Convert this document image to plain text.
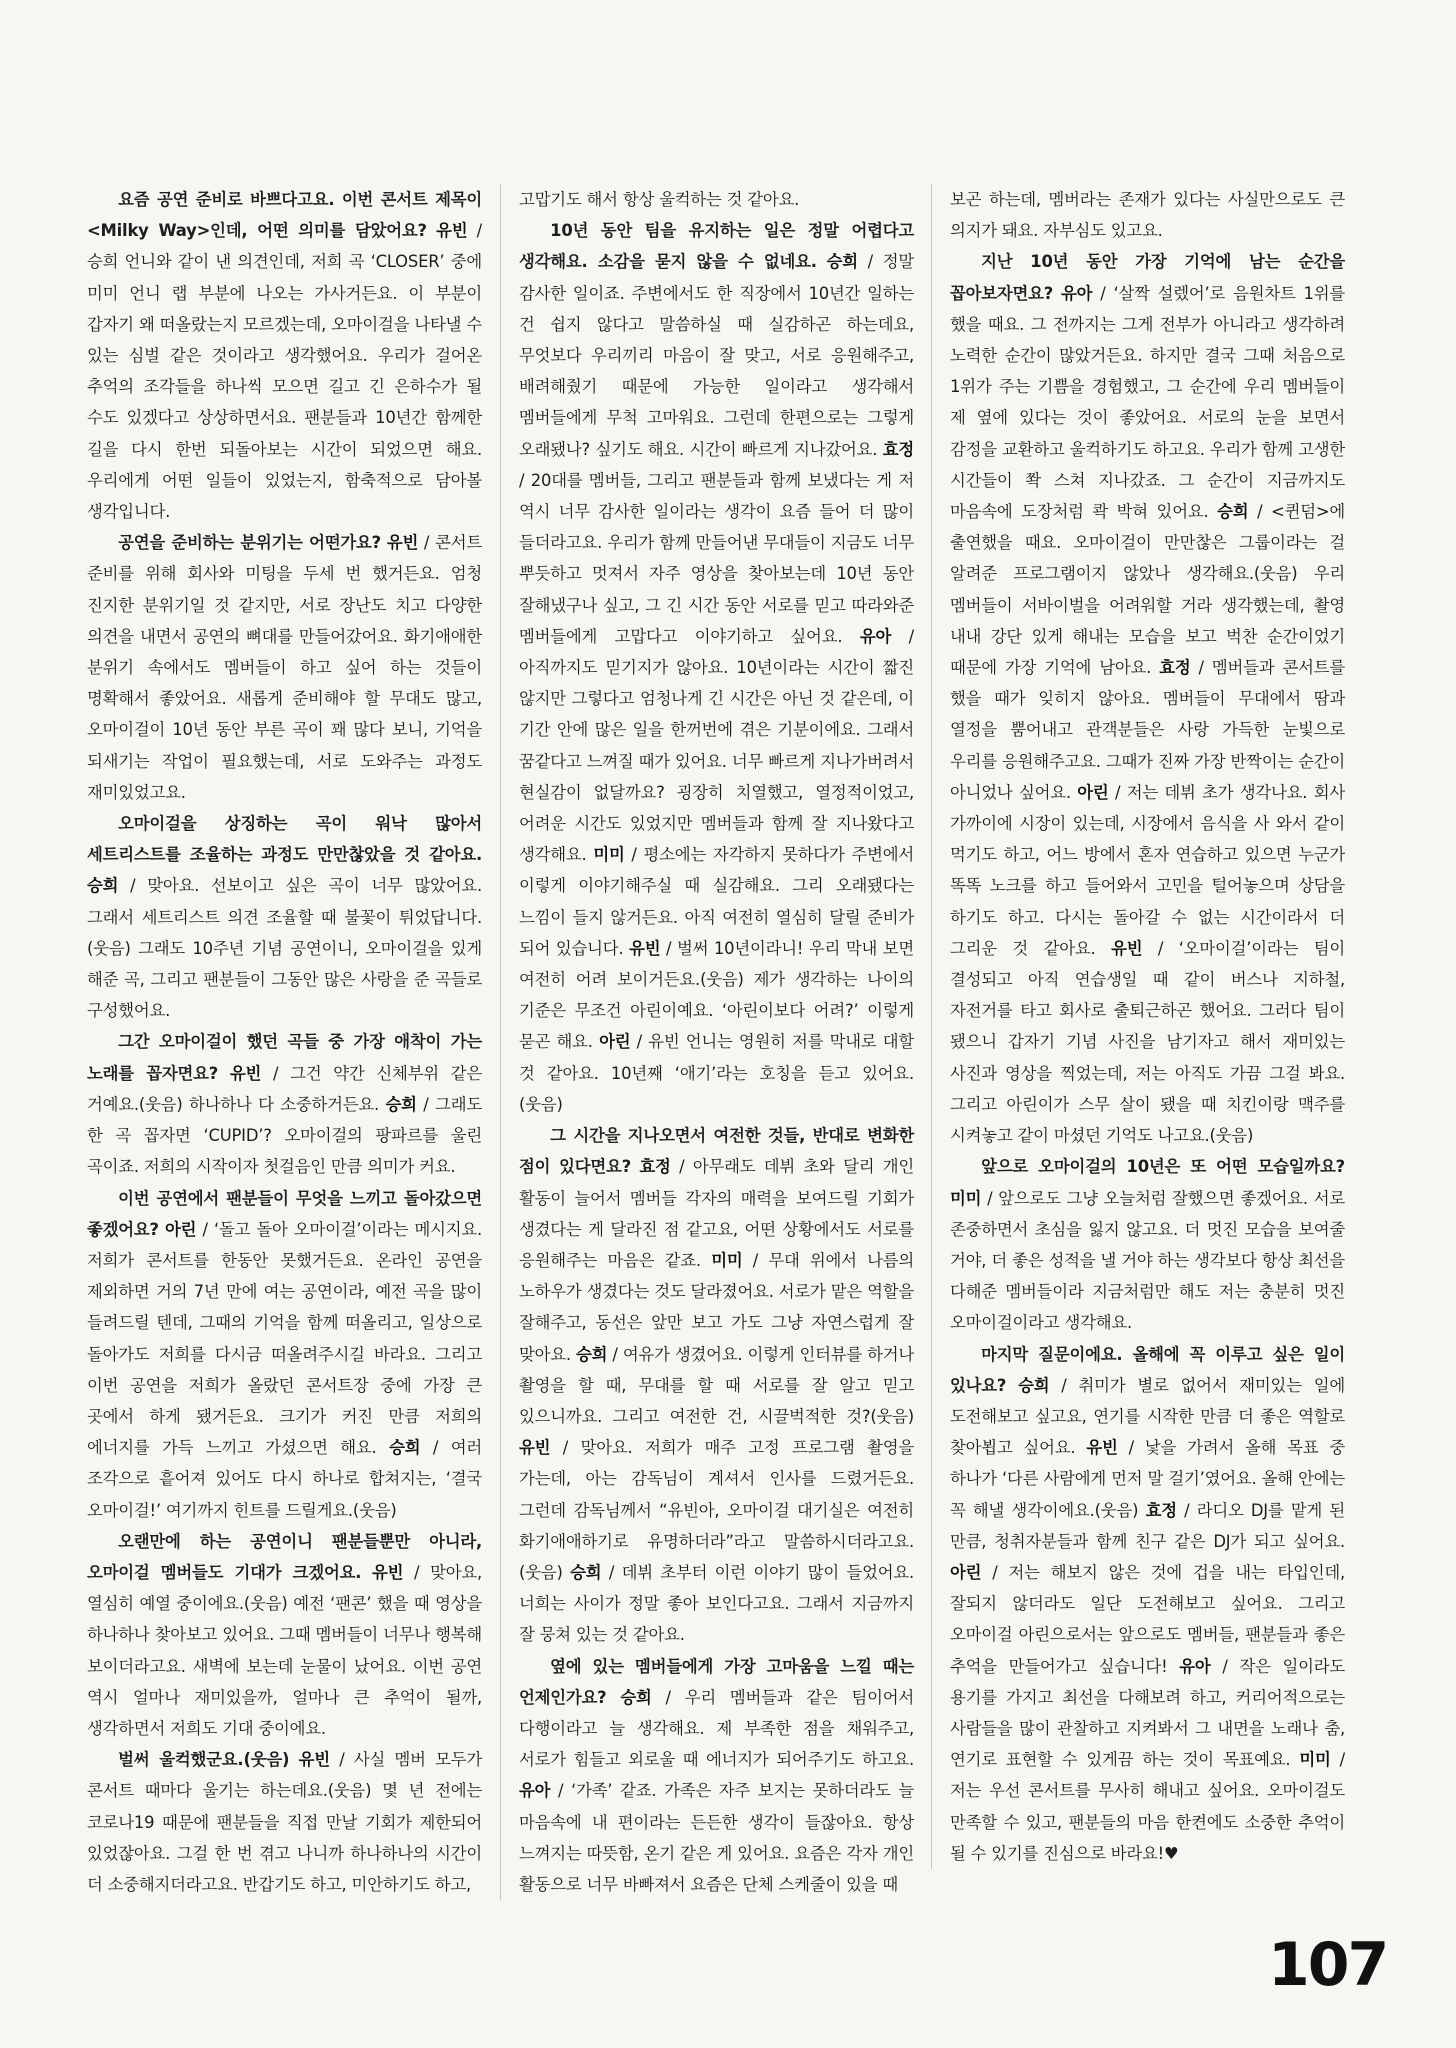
요즘 공연 준비로 바쁘다고요. 이번 콘서트 제목이 <Milky Way>인데, 어떤 의미를 담았어요? 유빈 / 승희 언니와 같이 낸 의견인데, 저희 곡 ‘CLOSER’ 중에 미미 언니 랩 부분에 나오는 가사거든요. 이 부분이 갑자기 왜 떠올랐는지 모르겠는데, 오마이걸을 나타낼 수 있는 심벌 같은 것이라고 생각했어요. 우리가 걸어온 추억의 조각들을 하나씩 모으면 길고 긴 은하수가 될 수도 있겠다고 상상하면서요. 팬분들과 10년간 함께한 길을 다시 한번 되돌아보는 시간이 되었으면 해요. 우리에게 어떤 일들이 있었는지, 함축적으로 담아볼 생각입니다.

공연을 준비하는 분위기는 어떤가요? 유빈 / 콘서트 준비를 위해 회사와 미팅을 두세 번 했거든요. 엄청 진지한 분위기일 것 같지만, 서로 장난도 치고 다양한 의견을 내면서 공연의 뼈대를 만들어갔어요. 화기애애한 분위기 속에서도 멤버들이 하고 싶어 하는 것들이 명확해서 좋았어요. 새롭게 준비해야 할 무대도 많고, 오마이걸이 10년 동안 부른 곡이 꽤 많다 보니, 기억을 되새기는 작업이 필요했는데, 서로 도와주는 과정도 재미있었고요.

오마이걸을 상징하는 곡이 워낙 많아서 세트리스트를 조율하는 과정도 만만찮았을 것 같아요. 승희 / 맞아요. 선보이고 싶은 곡이 너무 많았어요. 그래서 세트리스트 의견 조율할 때 불꽃이 튀었답니다.(웃음) 그래도 10주년 기념 공연이니, 오마이걸을 있게 해준 곡, 그리고 팬분들이 그동안 많은 사랑을 준 곡들로 구성했어요.

그간 오마이걸이 했던 곡들 중 가장 애착이 가는 노래를 꼽자면요? 유빈 / 그건 약간 신체부위 같은 거예요.(웃음) 하나하나 다 소중하거든요. 승희 / 그래도 한 곡 꼽자면 ‘CUPID’? 오마이걸의 팡파르를 울린 곡이죠. 저희의 시작이자 첫걸음인 만큼 의미가 커요.

이번 공연에서 팬분들이 무엇을 느끼고 돌아갔으면 좋겠어요? 아린 / ‘돌고 돌아 오마이걸’이라는 메시지요. 저희가 콘서트를 한동안 못했거든요. 온라인 공연을 제외하면 거의 7년 만에 여는 공연이라, 예전 곡을 많이 들려드릴 텐데, 그때의 기억을 함께 떠올리고, 일상으로 돌아가도 저희를 다시금 떠올려주시길 바라요. 그리고 이번 공연을 저희가 올랐던 콘서트장 중에 가장 큰 곳에서 하게 됐거든요. 크기가 커진 만큼 저희의 에너지를 가득 느끼고 가셨으면 해요. 승희 / 여러 조각으로 흩어져 있어도 다시 하나로 합쳐지는, ‘결국 오마이걸!’ 여기까지 힌트를 드릴게요.(웃음)

오랜만에 하는 공연이니 팬분들뿐만 아니라, 오마이걸 멤버들도 기대가 크겠어요. 유빈 / 맞아요, 열심히 예열 중이에요.(웃음) 예전 ‘팬콘’ 했을 때 영상을 하나하나 찾아보고 있어요. 그때 멤버들이 너무나 행복해 보이더라고요. 새벽에 보는데 눈물이 났어요. 이번 공연 역시 얼마나 재미있을까, 얼마나 큰 추억이 될까, 생각하면서 저희도 기대 중이에요.

벌써 울컥했군요.(웃음) 유빈 / 사실 멤버 모두가 콘서트 때마다 울기는 하는데요.(웃음) 몇 년 전에는 코로나19 때문에 팬분들을 직접 만날 기회가 제한되어 있었잖아요. 그걸 한 번 겪고 나니까 하나하나의 시간이 더 소중해지더라고요. 반갑기도 하고, 미안하기도 하고,

고맙기도 해서 항상 울컥하는 것 같아요.

10년 동안 팀을 유지하는 일은 정말 어렵다고 생각해요. 소감을 묻지 않을 수 없네요. 승희 / 정말 감사한 일이죠. 주변에서도 한 직장에서 10년간 일하는 건 쉽지 않다고 말씀하실 때 실감하곤 하는데요, 무엇보다 우리끼리 마음이 잘 맞고, 서로 응원해주고, 배려해줬기 때문에 가능한 일이라고 생각해서 멤버들에게 무척 고마워요. 그런데 한편으로는 그렇게 오래됐나? 싶기도 해요. 시간이 빠르게 지나갔어요. 효정 / 20대를 멤버들, 그리고 팬분들과 함께 보냈다는 게 저 역시 너무 감사한 일이라는 생각이 요즘 들어 더 많이 들더라고요. 우리가 함께 만들어낸 무대들이 지금도 너무 뿌듯하고 멋져서 자주 영상을 찾아보는데 10년 동안 잘해냈구나 싶고, 그 긴 시간 동안 서로를 믿고 따라와준 멤버들에게 고맙다고 이야기하고 싶어요. 유아 / 아직까지도 믿기지가 않아요. 10년이라는 시간이 짧진 않지만 그렇다고 엄청나게 긴 시간은 아닌 것 같은데, 이 기간 안에 많은 일을 한꺼번에 겪은 기분이에요. 그래서 꿈같다고 느껴질 때가 있어요. 너무 빠르게 지나가버려서 현실감이 없달까요? 굉장히 치열했고, 열정적이었고, 어려운 시간도 있었지만 멤버들과 함께 잘 지나왔다고 생각해요. 미미 / 평소에는 자각하지 못하다가 주변에서 이렇게 이야기해주실 때 실감해요. 그리 오래됐다는 느낌이 들지 않거든요. 아직 여전히 열심히 달릴 준비가 되어 있습니다. 유빈 / 벌써 10년이라니! 우리 막내 보면 여전히 어려 보이거든요.(웃음) 제가 생각하는 나이의 기준은 무조건 아린이예요. ‘아린이보다 어려?’ 이렇게 묻곤 해요. 아린 / 유빈 언니는 영원히 저를 막내로 대할 것 같아요. 10년째 ‘애기’라는 호칭을 듣고 있어요.(웃음)

그 시간을 지나오면서 여전한 것들, 반대로 변화한 점이 있다면요? 효정 / 아무래도 데뷔 초와 달리 개인 활동이 늘어서 멤버들 각자의 매력을 보여드릴 기회가 생겼다는 게 달라진 점 같고요, 어떤 상황에서도 서로를 응원해주는 마음은 같죠. 미미 / 무대 위에서 나름의 노하우가 생겼다는 것도 달라졌어요. 서로가 맡은 역할을 잘해주고, 동선은 앞만 보고 가도 그냥 자연스럽게 잘 맞아요. 승희 / 여유가 생겼어요. 이렇게 인터뷰를 하거나 촬영을 할 때, 무대를 할 때 서로를 잘 알고 믿고 있으니까요. 그리고 여전한 건, 시끌벅적한 것?(웃음) 유빈 / 맞아요. 저희가 매주 고정 프로그램 촬영을 가는데, 아는 감독님이 계셔서 인사를 드렸거든요. 그런데 감독님께서 “유빈아, 오마이걸 대기실은 여전히 화기애애하기로 유명하더라”라고 말씀하시더라고요.(웃음) 승희 / 데뷔 초부터 이런 이야기 많이 들었어요. 너희는 사이가 정말 좋아 보인다고요. 그래서 지금까지 잘 뭉쳐 있는 것 같아요.

옆에 있는 멤버들에게 가장 고마움을 느낄 때는 언제인가요? 승희 / 우리 멤버들과 같은 팀이어서 다행이라고 늘 생각해요. 제 부족한 점을 채워주고, 서로가 힘들고 외로울 때 에너지가 되어주기도 하고요. 유아 / ‘가족’ 같죠. 가족은 자주 보지는 못하더라도 늘 마음속에 내 편이라는 든든한 생각이 들잖아요. 항상 느껴지는 따뜻함, 온기 같은 게 있어요. 요즘은 각자 개인 활동으로 너무 바빠져서 요즘은 단체 스케줄이 있을 때

보곤 하는데, 멤버라는 존재가 있다는 사실만으로도 큰 의지가 돼요. 자부심도 있고요.

지난 10년 동안 가장 기억에 남는 순간을 꼽아보자면요? 유아 / ‘살짝 설렜어’로 음원차트 1위를 했을 때요. 그 전까지는 그게 전부가 아니라고 생각하려 노력한 순간이 많았거든요. 하지만 결국 그때 처음으로 1위가 주는 기쁨을 경험했고, 그 순간에 우리 멤버들이 제 옆에 있다는 것이 좋았어요. 서로의 눈을 보면서 감정을 교환하고 울컥하기도 하고요. 우리가 함께 고생한 시간들이 쫙 스쳐 지나갔죠. 그 순간이 지금까지도 마음속에 도장처럼 콱 박혀 있어요. 승희 / <퀸덤>에 출연했을 때요. 오마이걸이 만만찮은 그룹이라는 걸 알려준 프로그램이지 않았나 생각해요.(웃음) 우리 멤버들이 서바이벌을 어려워할 거라 생각했는데, 촬영 내내 강단 있게 해내는 모습을 보고 벅찬 순간이었기 때문에 가장 기억에 남아요. 효정 / 멤버들과 콘서트를 했을 때가 잊히지 않아요. 멤버들이 무대에서 땀과 열정을 뿜어내고 관객분들은 사랑 가득한 눈빛으로 우리를 응원해주고요. 그때가 진짜 가장 반짝이는 순간이 아니었나 싶어요. 아린 / 저는 데뷔 초가 생각나요. 회사 가까이에 시장이 있는데, 시장에서 음식을 사 와서 같이 먹기도 하고, 어느 방에서 혼자 연습하고 있으면 누군가 똑똑 노크를 하고 들어와서 고민을 털어놓으며 상담을 하기도 하고. 다시는 돌아갈 수 없는 시간이라서 더 그리운 것 같아요. 유빈 / ‘오마이걸’이라는 팀이 결성되고 아직 연습생일 때 같이 버스나 지하철, 자전거를 타고 회사로 출퇴근하곤 했어요. 그러다 팀이 됐으니 갑자기 기념 사진을 남기자고 해서 재미있는 사진과 영상을 찍었는데, 저는 아직도 가끔 그걸 봐요. 그리고 아린이가 스무 살이 됐을 때 치킨이랑 맥주를 시켜놓고 같이 마셨던 기억도 나고요.(웃음)

앞으로 오마이걸의 10년은 또 어떤 모습일까요? 미미 / 앞으로도 그냥 오늘처럼 잘했으면 좋겠어요. 서로 존중하면서 초심을 잃지 않고요. 더 멋진 모습을 보여줄 거야, 더 좋은 성적을 낼 거야 하는 생각보다 항상 최선을 다해준 멤버들이라 지금처럼만 해도 저는 충분히 멋진 오마이걸이라고 생각해요.

마지막 질문이에요. 올해에 꼭 이루고 싶은 일이 있나요? 승희 / 취미가 별로 없어서 재미있는 일에 도전해보고 싶고요, 연기를 시작한 만큼 더 좋은 역할로 찾아뵙고 싶어요. 유빈 / 낯을 가려서 올해 목표 중 하나가 ‘다른 사람에게 먼저 말 걸기’였어요. 올해 안에는 꼭 해낼 생각이에요.(웃음) 효정 / 라디오 DJ를 맡게 된 만큼, 청취자분들과 함께 친구 같은 DJ가 되고 싶어요. 아린 / 저는 해보지 않은 것에 겁을 내는 타입인데, 잘되지 않더라도 일단 도전해보고 싶어요. 그리고 오마이걸 아린으로서는 앞으로도 멤버들, 팬분들과 좋은 추억을 만들어가고 싶습니다! 유아 / 작은 일이라도 용기를 가지고 최선을 다해보려 하고, 커리어적으로는 사람들을 많이 관찰하고 지켜봐서 그 내면을 노래나 춤, 연기로 표현할 수 있게끔 하는 것이 목표예요. 미미 / 저는 우선 콘서트를 무사히 해내고 싶어요. 오마이걸도 만족할 수 있고, 팬분들의 마음 한켠에도 소중한 추억이 될 수 있기를 진심으로 바라요!♥

107
